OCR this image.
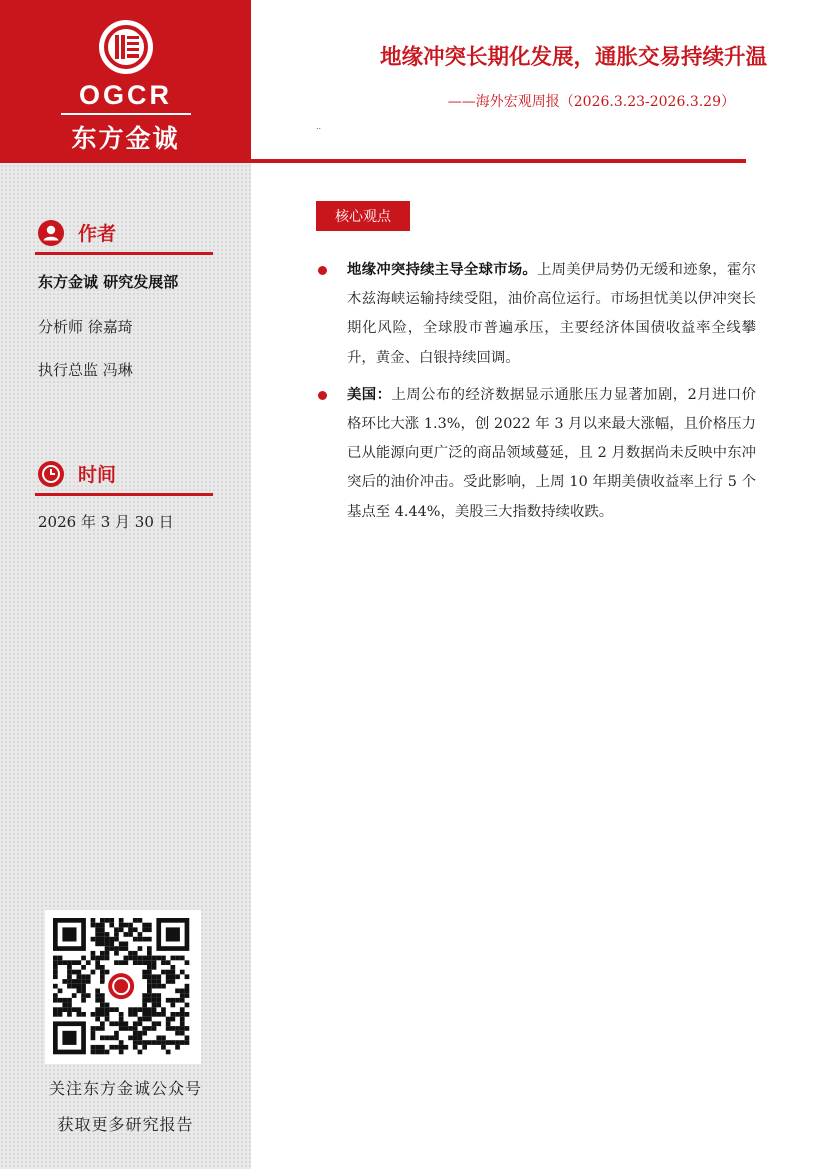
OGCR
东方金诚
作者
东方金诚 研究发展部
分析师 徐嘉琦
执行总监 冯琳
时间
2026 年 3 月 30 日
关注东方金诚公众号
获取更多研究报告
地缘冲突长期化发展，通胀交易持续升温
——海外宏观周报（2026.3.23-2026.3.29）
..
核心观点
地缘冲突持续主导全球市场。上周美伊局势仍无缓和迹象，霍尔木兹海峡运输持续受阻，油价高位运行。市场担忧美以伊冲突长期化风险，全球股市普遍承压，主要经济体国债收益率全线攀升，黄金、白银持续回调。
美国：上周公布的经济数据显示通胀压力显著加剧，2月进口价格环比大涨 1.3%，创 2022 年 3 月以来最大涨幅，且价格压力已从能源向更广泛的商品领域蔓延，且 2 月数据尚未反映中东冲突后的油价冲击。受此影响，上周 10 年期美债收益率上行 5 个基点至 4.44%，美股三大指数持续收跌。
